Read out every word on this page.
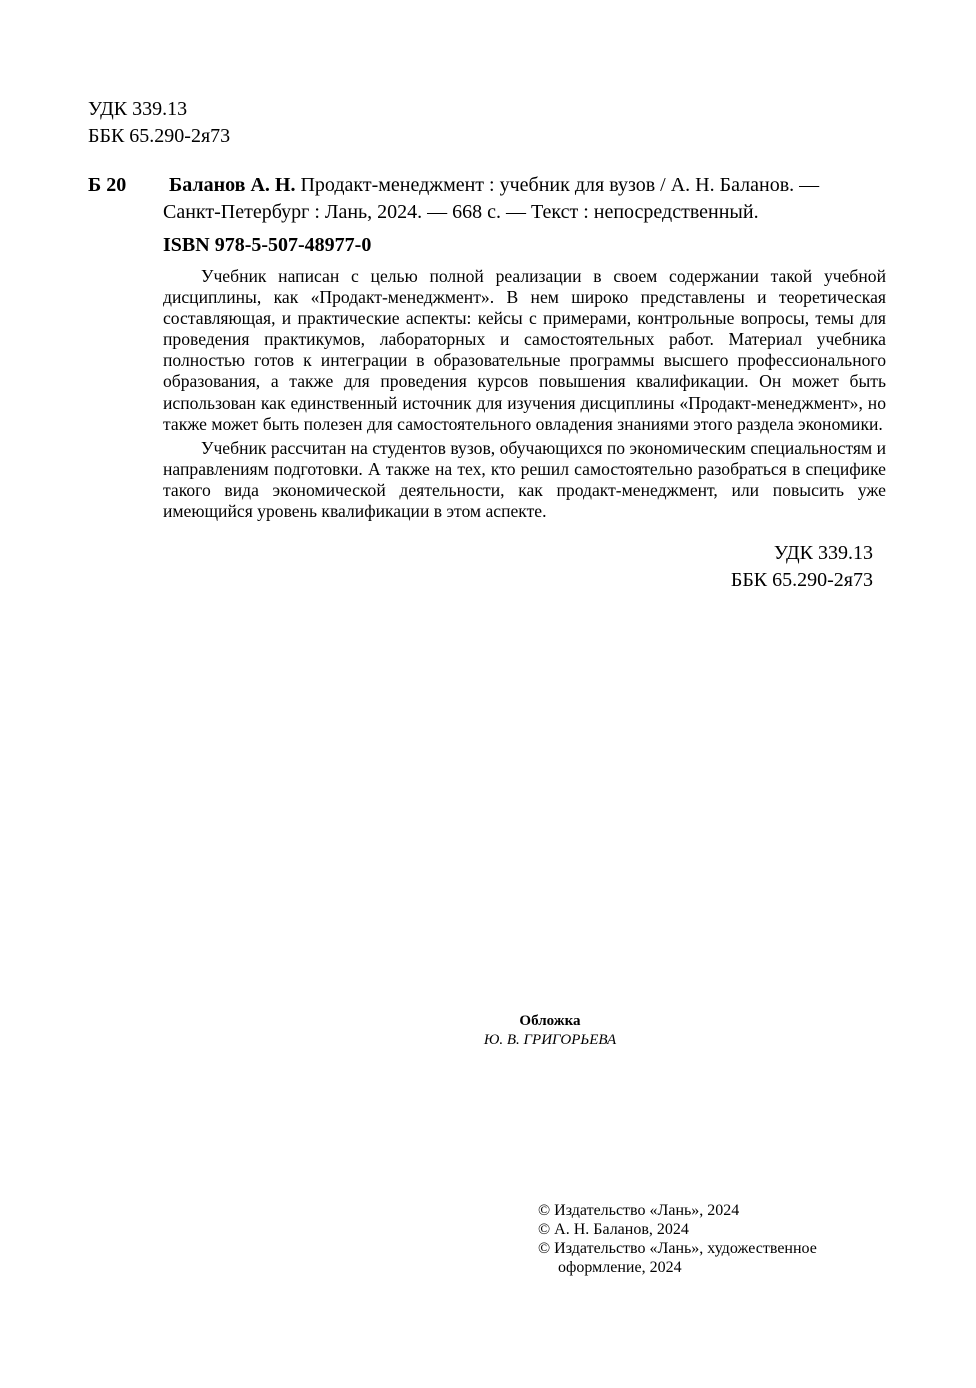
УДК 339.13
ББК 65.290-2я73
Б 20	Баланов А. Н. Продакт-менеджмент : учебник для вузов / А. Н. Баланов. —
Санкт-Петербург : Лань, 2024. — 668 с. — Текст : непосредственный.
ISBN 978-5-507-48977-0

Учебник написан с целью полной реализации в своем содержании такой учебной дисциплины, как «Продакт-менеджмент». В нем широко представлены и теоретическая составляющая, и практические аспекты: кейсы с примерами, контрольные вопросы, темы для проведения практикумов, лабораторных и самостоятельных работ. Материал учебника полностью готов к интеграции в образовательные программы высшего профессионального образования, а также для проведения курсов повышения квалификации. Он может быть использован как единственный источник для изучения дисциплины «Продакт-менеджмент», но также может быть полезен для самостоятельного овладения знаниями этого раздела экономики.

Учебник рассчитан на студентов вузов, обучающихся по экономическим специальностям и направлениям подготовки. А также на тех, кто решил самостоятельно разобраться в специфике такого вида экономической деятельности, как продакт-менеджмент, или повысить уже имеющийся уровень квалификации в этом аспекте.

УДК 339.13
ББК 65.290-2я73
Обложка
Ю. В. ГРИГОРЬЕВА
© Издательство «Лань», 2024
© А. Н. Баланов, 2024
© Издательство «Лань», художественное
оформление, 2024
